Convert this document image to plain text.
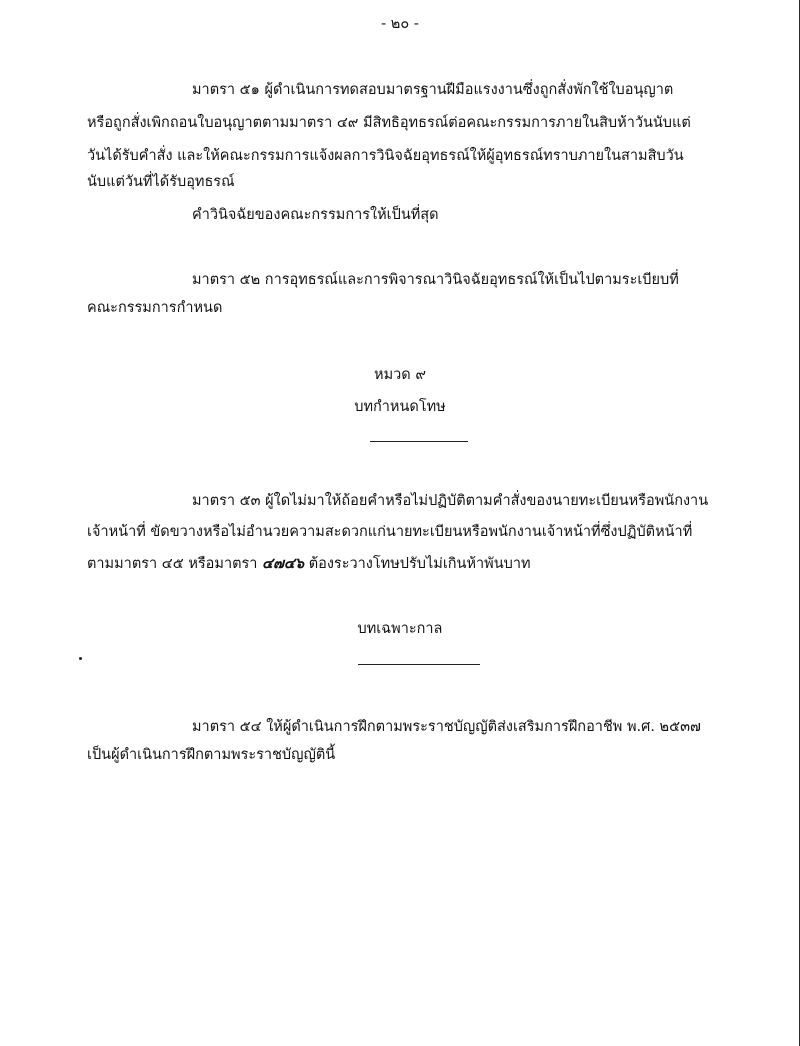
- ๒๐ -
มาตรา ๕๑ ผู้ดำเนินการทดสอบมาตรฐานฝีมือแรงงานซึ่งถูกสั่งพักใช้ใบอนุญาต
หรือถูกสั่งเพิกถอนใบอนุญาตตามมาตรา ๔๙ มีสิทธิอุทธรณ์ต่อคณะกรรมการภายในสิบห้าวันนับแต่
วันได้รับคำสั่ง และให้คณะกรรมการแจ้งผลการวินิจฉัยอุทธรณ์ให้ผู้อุทธรณ์ทราบภายในสามสิบวัน
นับแต่วันที่ได้รับอุทธรณ์
คำวินิจฉัยของคณะกรรมการให้เป็นที่สุด
มาตรา ๕๒ การอุทธรณ์และการพิจารณาวินิจฉัยอุทธรณ์ให้เป็นไปตามระเบียบที่
คณะกรรมการกำหนด
หมวด ๙
บทกำหนดโทษ
มาตรา ๕๓ ผู้ใดไม่มาให้ถ้อยคำหรือไม่ปฏิบัติตามคำสั่งของนายทะเบียนหรือพนักงาน
เจ้าหน้าที่ ขัดขวางหรือไม่อำนวยความสะดวกแก่นายทะเบียนหรือพนักงานเจ้าหน้าที่ซึ่งปฏิบัติหน้าที่
ตามมาตรา ๔๕ หรือมาตรา ๔๗๔๖ ต้องระวางโทษปรับไม่เกินห้าพันบาท
บทเฉพาะกาล
มาตรา ๕๔ ให้ผู้ดำเนินการฝึกตามพระราชบัญญัติส่งเสริมการฝึกอาชีพ พ.ศ. ๒๕๓๗
เป็นผู้ดำเนินการฝึกตามพระราชบัญญัตินี้
